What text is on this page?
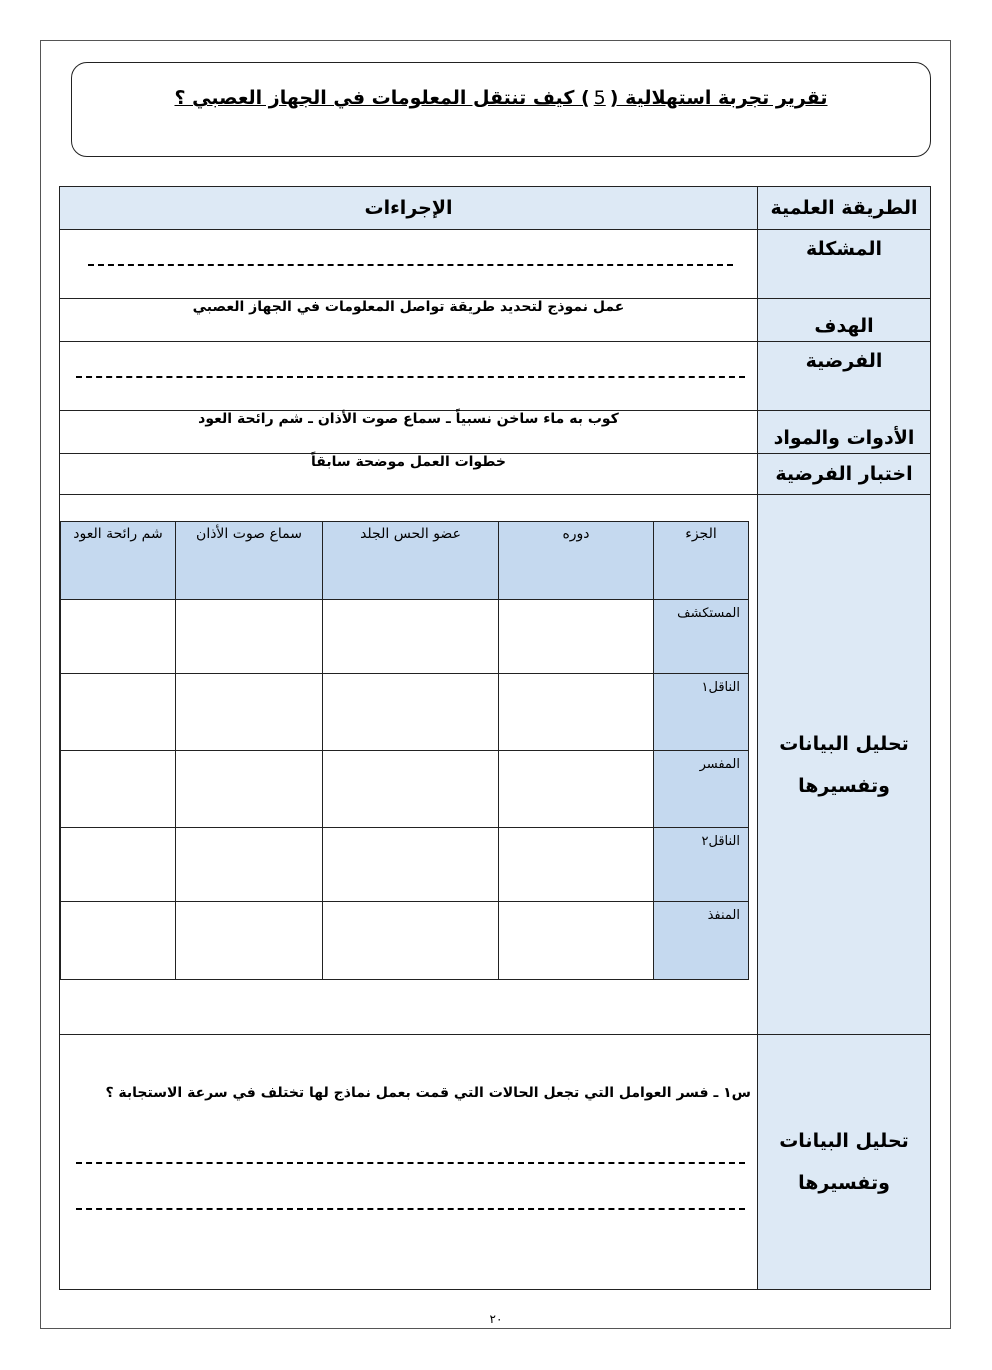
تقرير تجربة استهلالية (5) كيف تنتقل المعلومات في الجهاز العصبي ؟
الطريقة العلمية	الإجراءات
المشكلة	

الهدف	عمل نموذج لتحديد طريقة تواصل المعلومات في الجهاز العصبي
الفرضية	

الأدوات والمواد	كوب به ماء ساخن نسبياً ـ سماع صوت الأذان ـ شم رائحة العود
اختبار الفرضية	خطوات العمل موضحة سابقاً

تحليل البيانات
وتفسيرها

الجزء	دوره	عضو الحس الجلد	سماع صوت الأذان	شم رائحة العود
المستكشف				
الناقل١				
المفسر				
الناقل٢				
المنفذ				

تحليل البيانات
وتفسيرها

س١ ـ فسر العوامل التي تجعل الحالات التي قمت بعمل نماذج لها تختلف في سرعة الاستجابة ؟
٢٠
